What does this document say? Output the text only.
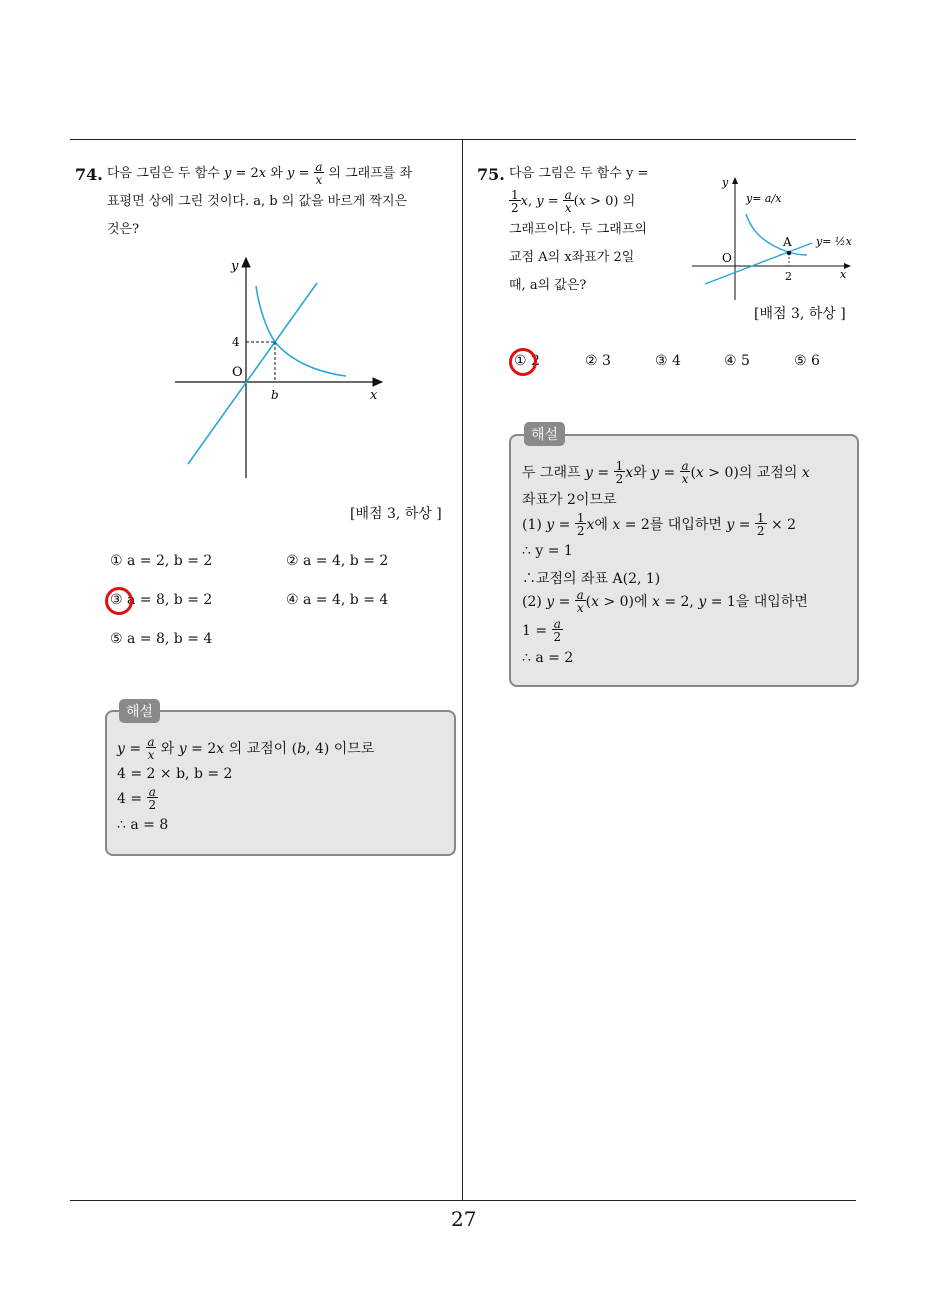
74. 다음 그림은 두 함수 y = 2x 와 $y = \frac{a}{x}$ 의 그래프를 좌
표평면 상에 그린 것이다. a, b 의 값을 바르게 짝지은
것은?
y
x
O
4
b
[배점 3, 하상 ]
① a = 2, b = 2	② a = 4, b = 2
③ a = 8, b = 2	④ a = 4, b = 4
⑤ a = 8, b = 4
해설
$y = \frac{a}{x}$ 와 y = 2x 의 교점이 (b, 4) 이므로
4 = 2 × b, b = 2
$4 = \frac{a}{2}$
∴ a = 8
75. 다음 그림은 두 함수 y =
1
2 x, $y = \frac{a}{x}(x > 0)$ 의
그래프이다. 두 그래프의
교점 A의 x좌표가 2일
때, a의 값은?
y
x
O
2
A
y= a/x
y= ½x
[배점 3, 하상 ]
① 2	② 3	③ 4	④ 5	⑤ 6
해설
두 그래프 y = 1
2 x와 $y = \frac{a}{x}(x > 0)$의 교점의 x
좌표가 2이므로
(1) y = 1
2 x에 x = 2를 대입하면 y = 1
2 × 2
∴ y = 1
∴교점의 좌표 A(2, 1)
(2) $y = \frac{a}{x}(x > 0)$에 x = 2, y = 1을 대입하면
$1 = \frac{a}{2}$
∴ a = 2
27
